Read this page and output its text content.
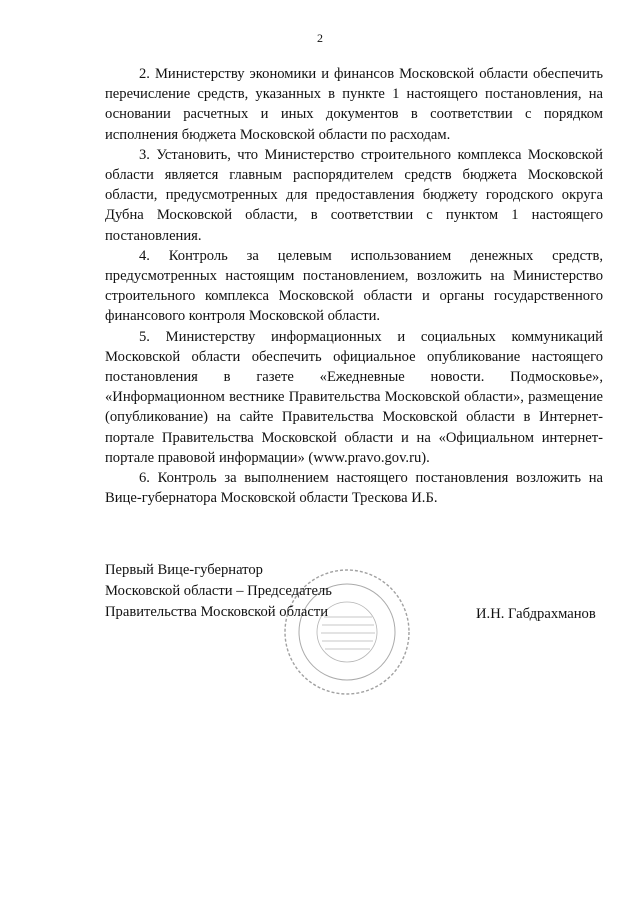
2

2. Министерству экономики и финансов Московской области обеспечить перечисление средств, указанных в пункте 1 настоящего постановления, на основании расчетных и иных документов в соответствии с порядком исполнения бюджета Московской области по расходам.

3. Установить, что Министерство строительного комплекса Московской области является главным распорядителем средств бюджета Московской области, предусмотренных для предоставления бюджету городского округа Дубна Московской области, в соответствии с пунктом 1 настоящего постановления.

4. Контроль за целевым использованием денежных средств, предусмотренных настоящим постановлением, возложить на Министерство строительного комплекса Московской области и органы государственного финансового контроля Московской области.

5. Министерству информационных и социальных коммуникаций Московской области обеспечить официальное опубликование настоящего постановления в газете «Ежедневные новости. Подмосковье», «Информационном вестнике Правительства Московской области», размещение (опубликование) на сайте Правительства Московской области в Интернет-портале Правительства Московской области и на «Официальном интернет-портале правовой информации» (www.pravo.gov.ru).

6. Контроль за выполнением настоящего постановления возложить на Вице-губернатора Московской области Трескова И.Б.

Первый Вице-губернатор
Московской области – Председатель
Правительства Московской области	И.Н. Габдрахманов
